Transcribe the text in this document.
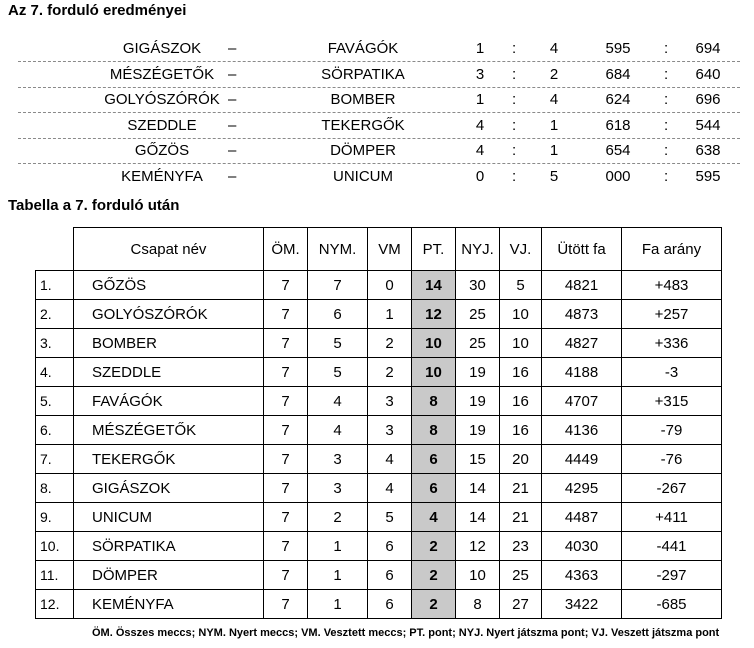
Az 7. forduló eredményei
GIGÁSZOK	–	FAVÁGÓK	1	:	4	595	:	694
MÉSZÉGETŐK –	SÖRPATIKA	3	:	2	684	:	640
GOLYÓSZÓRÓK –	BOMBER	1	:	4	624	:	696
SZEDDLE	–	TEKERGŐK	4	:	1	618	:	544
GŐZÖS	–	DÖMPER	4	:	1	654	:	638
KEMÉNYFA	–	UNICUM	0	:	5	000	:	595
Tabella a 7. forduló után
	Csapat név	ÖM.	NYM.	VM	PT.	NYJ.	VJ.	Ütött fa	Fa arány
1.	GŐZÖS	7	7	0	14	30	5	4821	+483
2.	GOLYÓSZÓRÓK	7	6	1	12	25	10	4873	+257
3.	BOMBER	7	5	2	10	25	10	4827	+336
4.	SZEDDLE	7	5	2	10	19	16	4188	-3
5.	FAVÁGÓK	7	4	3	8	19	16	4707	+315
6.	MÉSZÉGETŐK	7	4	3	8	19	16	4136	-79
7.	TEKERGŐK	7	3	4	6	15	20	4449	-76
8.	GIGÁSZOK	7	3	4	6	14	21	4295	-267
9.	UNICUM	7	2	5	4	14	21	4487	+411
10.	SÖRPATIKA	7	1	6	2	12	23	4030	-441
11.	DÖMPER	7	1	6	2	10	25	4363	-297
12.	KEMÉNYFA	7	1	6	2	8	27	3422	-685
ÖM. Összes meccs; NYM. Nyert meccs; VM. Vesztett meccs; PT. pont; NYJ. Nyert játszma pont; VJ. Veszett játszma pont
